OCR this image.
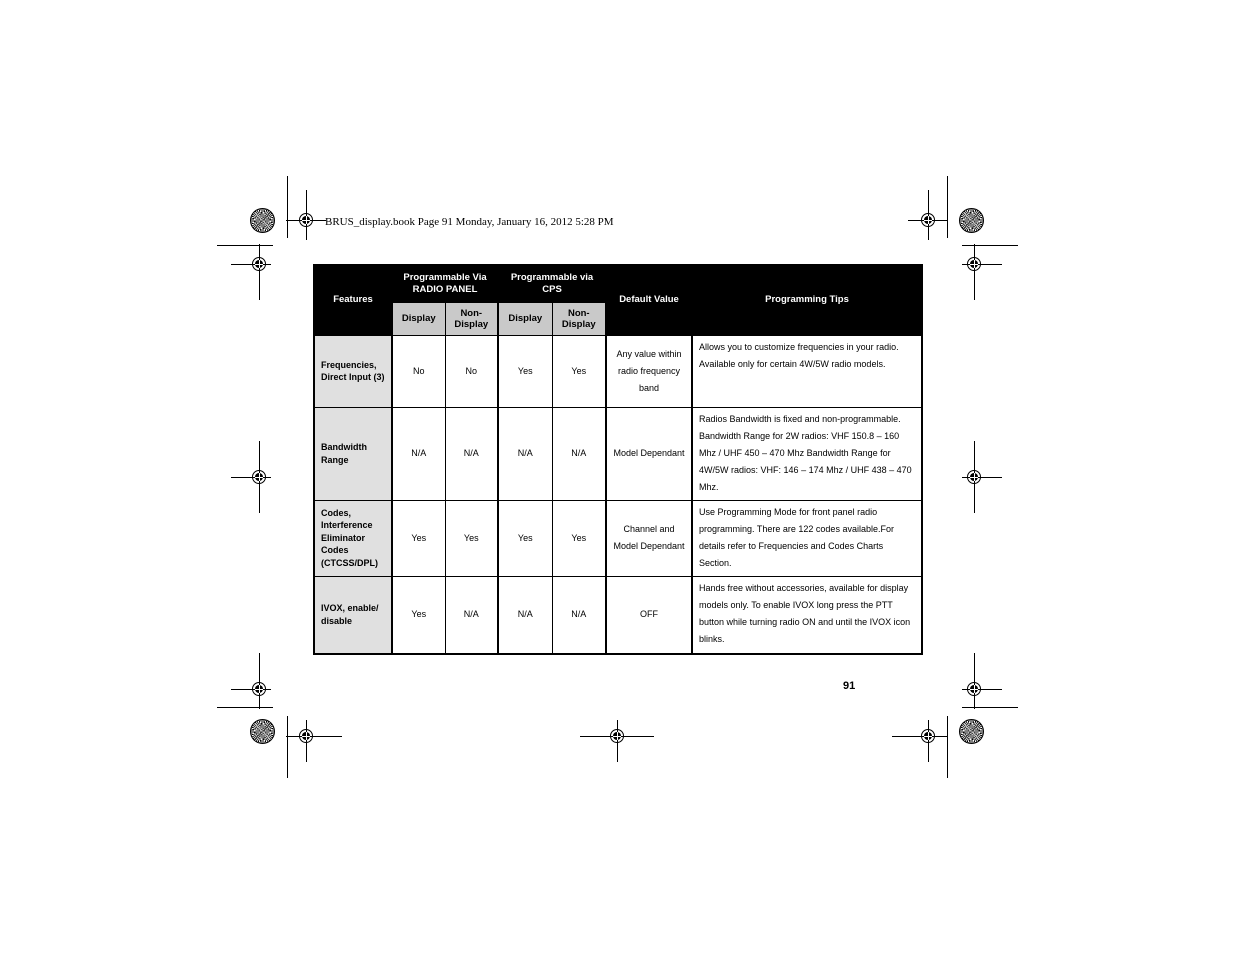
BRUS_display.book Page 91 Monday, January 16, 2012 5:28 PM
Features	Programmable Via RADIO PANEL		Programmable via CPS		Default Value	Programming Tips
	Display	Non-Display	Display	Non-Display		
Frequencies, Direct Input (3)	No	No	Yes	Yes	Any value within radio frequency band	Allows you to customize frequencies in your radio. Available only for certain 4W/5W radio models.
Bandwidth Range	N/A	N/A	N/A	N/A	Model Dependant	Radios Bandwidth is fixed and non-programmable. Bandwidth Range for 2W radios: VHF 150.8 – 160 Mhz / UHF 450 – 470 Mhz Bandwidth Range for 4W/5W radios: VHF: 146 – 174 Mhz / UHF 438 – 470 Mhz.
Codes, Interference Eliminator Codes (CTCSS/DPL)	Yes	Yes	Yes	Yes	Channel and Model Dependant	Use Programming Mode for front panel radio programming. There are 122 codes available.For details refer to Frequencies and Codes Charts Section.
IVOX, enable/ disable	Yes	N/A	N/A	N/A	OFF	Hands free without accessories, available for display models only. To enable IVOX long press the PTT button while turning radio ON and until the IVOX icon blinks.
91
